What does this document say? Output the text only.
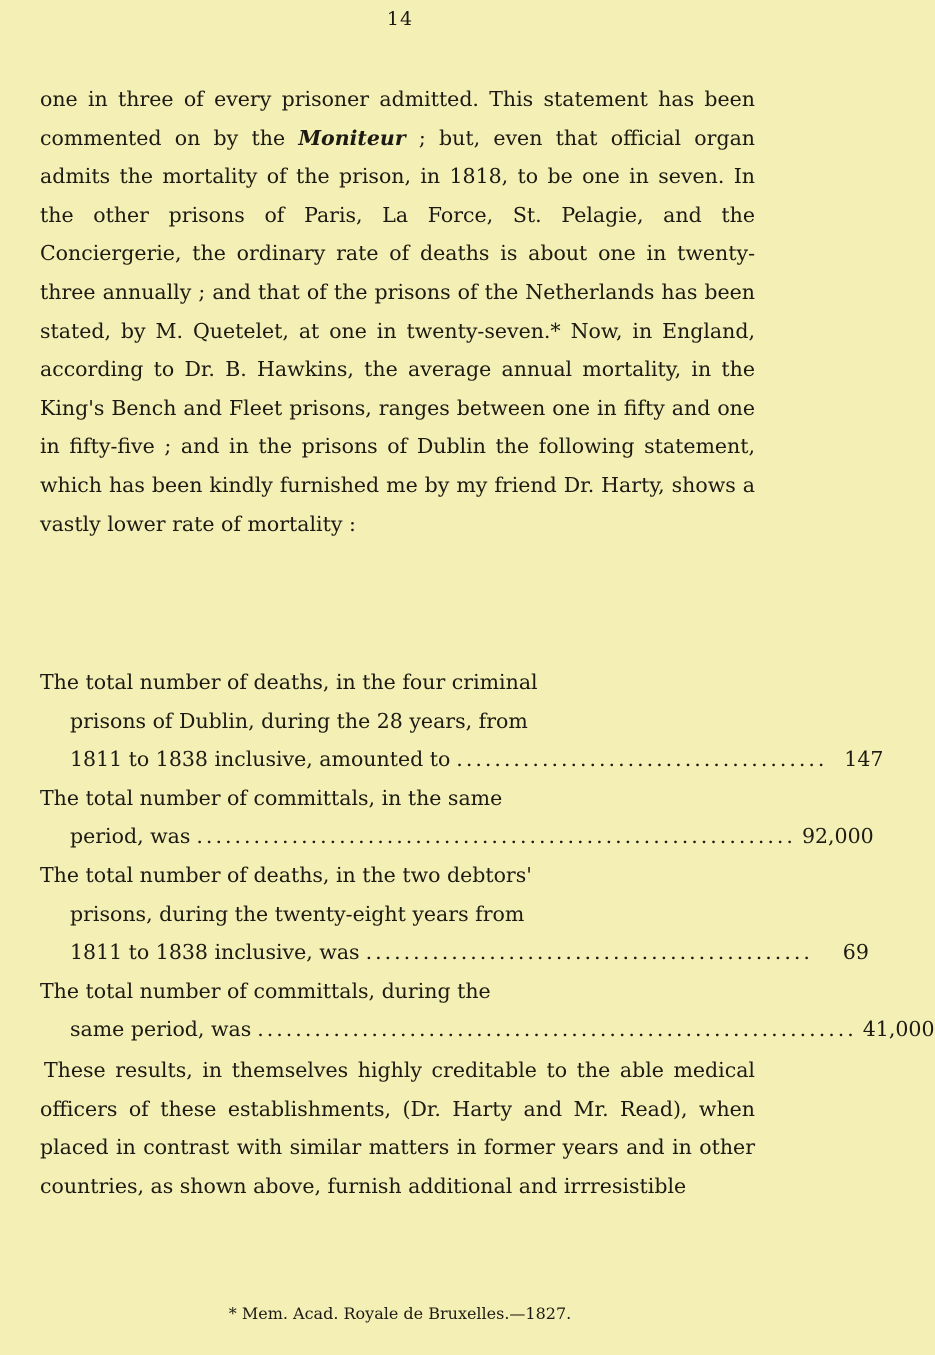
14
one in three of every prisoner admitted. This statement has been commented on by the Moniteur ; but, even that official organ admits the mortality of the prison, in 1818, to be one in seven. In the other prisons of Paris, La Force, St. Pelagie, and the Conciergerie, the ordinary rate of deaths is about one in twenty-three annually ; and that of the prisons of the Netherlands has been stated, by M. Quetelet, at one in twenty-seven.* Now, in England, according to Dr. B. Hawkins, the average annual mortality, in the King's Bench and Fleet prisons, ranges between one in fifty and one in fifty-five ; and in the prisons of Dublin the following statement, which has been kindly furnished me by my friend Dr. Harty, shows a vastly lower rate of mortality :
The total number of deaths, in the four criminal
prisons of Dublin, during the 28 years, from
1811 to 1838 inclusive, amounted to ....................................... 147
The total number of committals, in the same
period, was ............................................................... 92,000
The total number of deaths, in the two debtors'
prisons, during the twenty-eight years from
1811 to 1838 inclusive, was ...............................................	69
The total number of committals, during the
same period, was ............................................................... 41,000
These results, in themselves highly creditable to the able medical officers of these establishments, (Dr. Harty and Mr. Read), when placed in contrast with similar matters in former years and in other countries, as shown above, furnish additional and irrresistible
* Mem. Acad. Royale de Bruxelles.—1827.
